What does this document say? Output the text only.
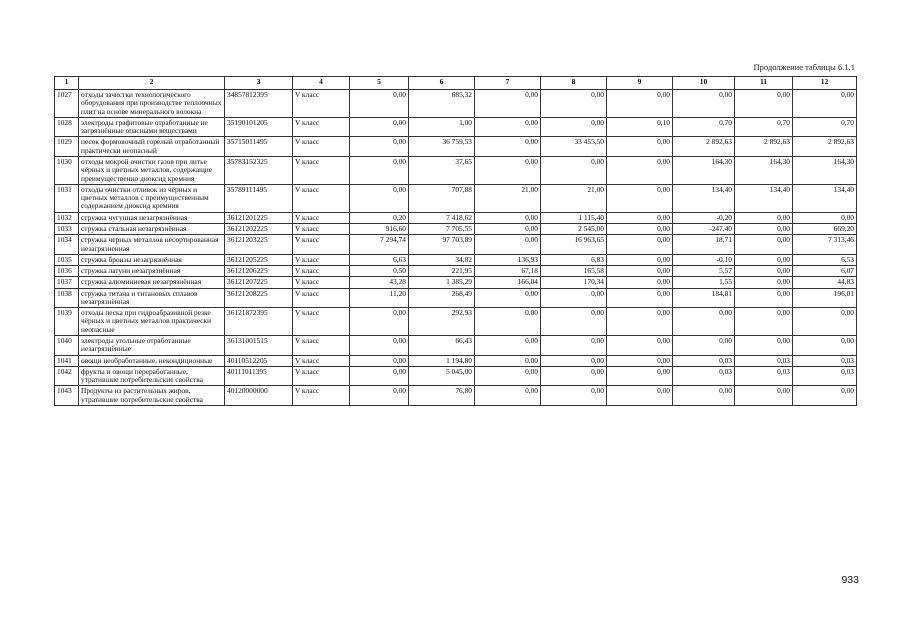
Продолжение таблицы 6.1.1
1	2	3	4	5	6	7	8	9	10	11	12
1027	отходы зачистки технологического оборудования при производстве теплоочных плит на основе минерального волокна	34857812395	V класс	0,00	685,32	0,00	0,00	0,00	0,00	0,00	0,00
1028	электроды графитовые отработанные не загрязнённые опасными веществами	35190101205	V класс	0,00	1,00	0,00	0,00	0,10	0,70	0,70	0,70
1029	песок формовочный горелый отработанный практически неопасный	35715011495	V класс	0,00	36 759,53	0,00	33 455,50	0,00	2 892,63	2 892,63	2 892,63
1030	отходы мокрой очистки газов при литье чёрных и цветных металлов, содержащие преимущественно диоксид кремния	35783152325	V класс	0,00	37,65	0,00	0,00	0,00	164,30	164,30	164,30
1031	отходы очистки отливок из чёрных и цветных металлов с преимущественным содержанием диоксид кремния	35789111495	V класс	0,00	707,88	21,00	21,00	0,00	134,40	134,40	134,40
1032	стружка чугунная незагрязнённая	36121201225	V класс	0,20	7 418,62	0,00	1 115,40	0,00	-0,20	0,00	0,00
1033	стружка стальная незагрязнённая	36121202225	V класс	916,60	7 705,55	0,00	2 545,00	0,00	-247,40	0,00	669,20
1034	стружка черных металлов несортированная незагрязненная	36121203225	V класс	7 294,74	97 703,89	0,00	16 963,65	0,00	18,71	0,00	7 313,46
1035	стружка бронзы незагрязнённая	36121205225	V класс	6,63	34,82	136,93	6,83	0,00	-0,10	0,00	6,53
1036	стружка латуни незагрязнённая	36121206225	V класс	0,50	221,95	67,18	165,58	0,00	5,57	0,00	6,07
1037	стружка алюминиевая незагрязнённая	36121207225	V класс	43,28	1 385,29	166,04	170,34	0,00	1,55	0,00	44,83
1038	стружка титана и титановых сплавов незагрязнённая	36121208225	V класс	11,20	268,49	0,00	0,00	0,00	184,81	0,00	196,01
1039	отходы песка при гидроабразивной резке чёрных и цветных металлов практически неопасные	36121872395	V класс	0,00	292,93	0,00	0,00	0,00	0,00	0,00	0,00
1040	электроды угольные отработанные незагрязнённые	36131001515	V класс	0,00	66,43	0,00	0,00	0,00	0,00	0,00	0,00
1041	овощи необработанные, некондиционные	40110512205	V класс	0,00	1 194,80	0,00	0,00	0,00	0,03	0,03	0,03
1042	фрукты и овощи переработанные, утратившие потребительские свойства	40111011395	V класс	0,00	5 045,00	0,00	0,00	0,00	0,03	0,03	0,03
1043	Продукты из растительных жиров, утратившие потребительские свойства	40120000000	V класс	0,00	76,80	0,00	0,00	0,00	0,00	0,00	0,00
933
